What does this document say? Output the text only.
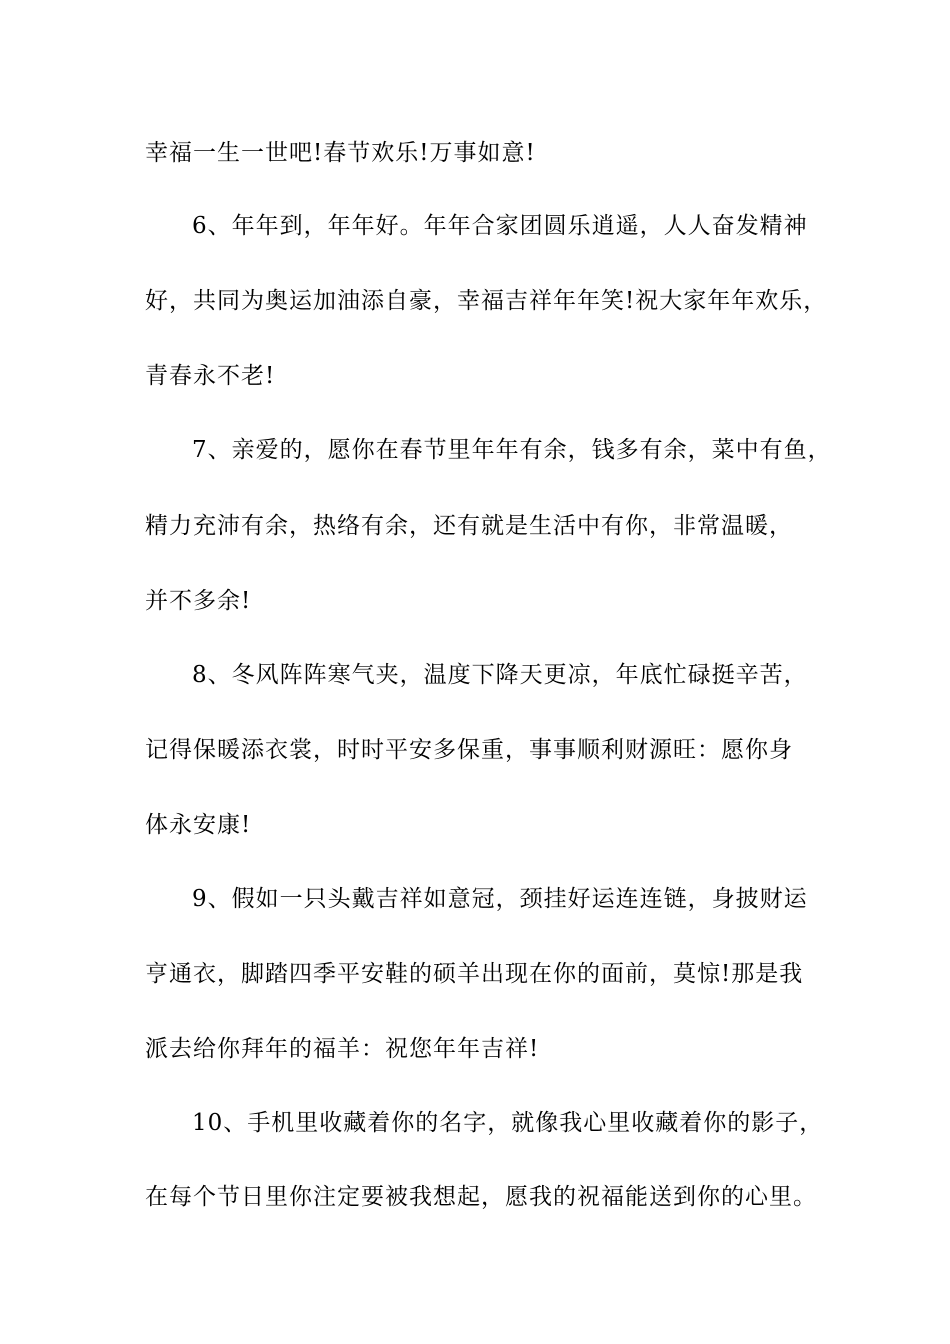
幸福一生一世吧!春节欢乐!万事如意!
6、年年到，年年好。年年合家团圆乐逍遥，人人奋发精神
好，共同为奥运加油添自豪，幸福吉祥年年笑!祝大家年年欢乐，
青春永不老!
7、亲爱的，愿你在春节里年年有余，钱多有余，菜中有鱼，
精力充沛有余，热络有余，还有就是生活中有你，非常温暖，
并不多余!
8、冬风阵阵寒气夹，温度下降天更凉，年底忙碌挺辛苦，
记得保暖添衣裳，时时平安多保重，事事顺利财源旺：愿你身
体永安康!
9、假如一只头戴吉祥如意冠，颈挂好运连连链，身披财运
亨通衣，脚踏四季平安鞋的硕羊出现在你的面前，莫惊!那是我
派去给你拜年的福羊：祝您年年吉祥!
10、手机里收藏着你的名字，就像我心里收藏着你的影子，
在每个节日里你注定要被我想起，愿我的祝福能送到你的心里。
